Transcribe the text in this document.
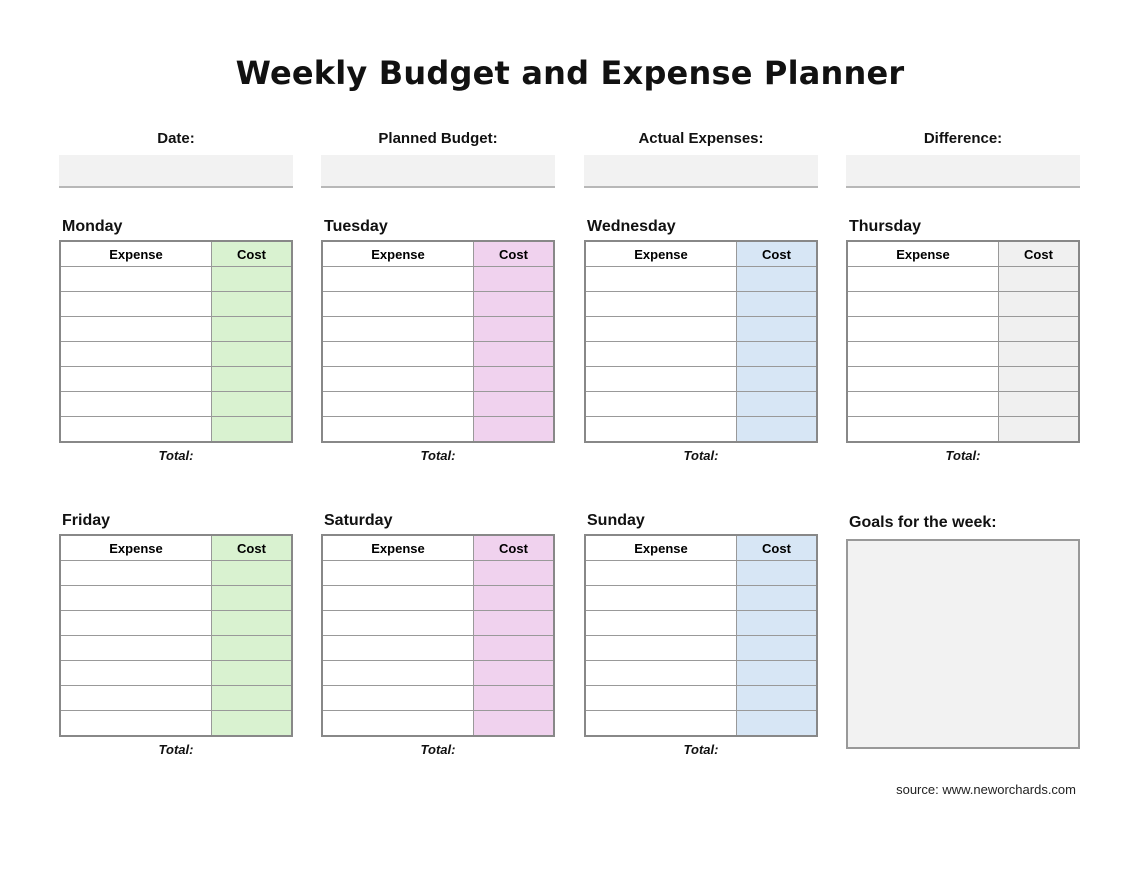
Weekly Budget and Expense Planner
Date:	Planned Budget:	Actual Expenses:	Difference:
Monday
Expense	Cost

Total:
Tuesday
Expense	Cost

Total:
Wednesday
Expense	Cost

Total:
Thursday
Expense	Cost

Total:
Friday
Expense	Cost

Total:
Saturday
Expense	Cost

Total:
Sunday
Expense	Cost

Total:
Goals for the week:
source: www.neworchards.com
